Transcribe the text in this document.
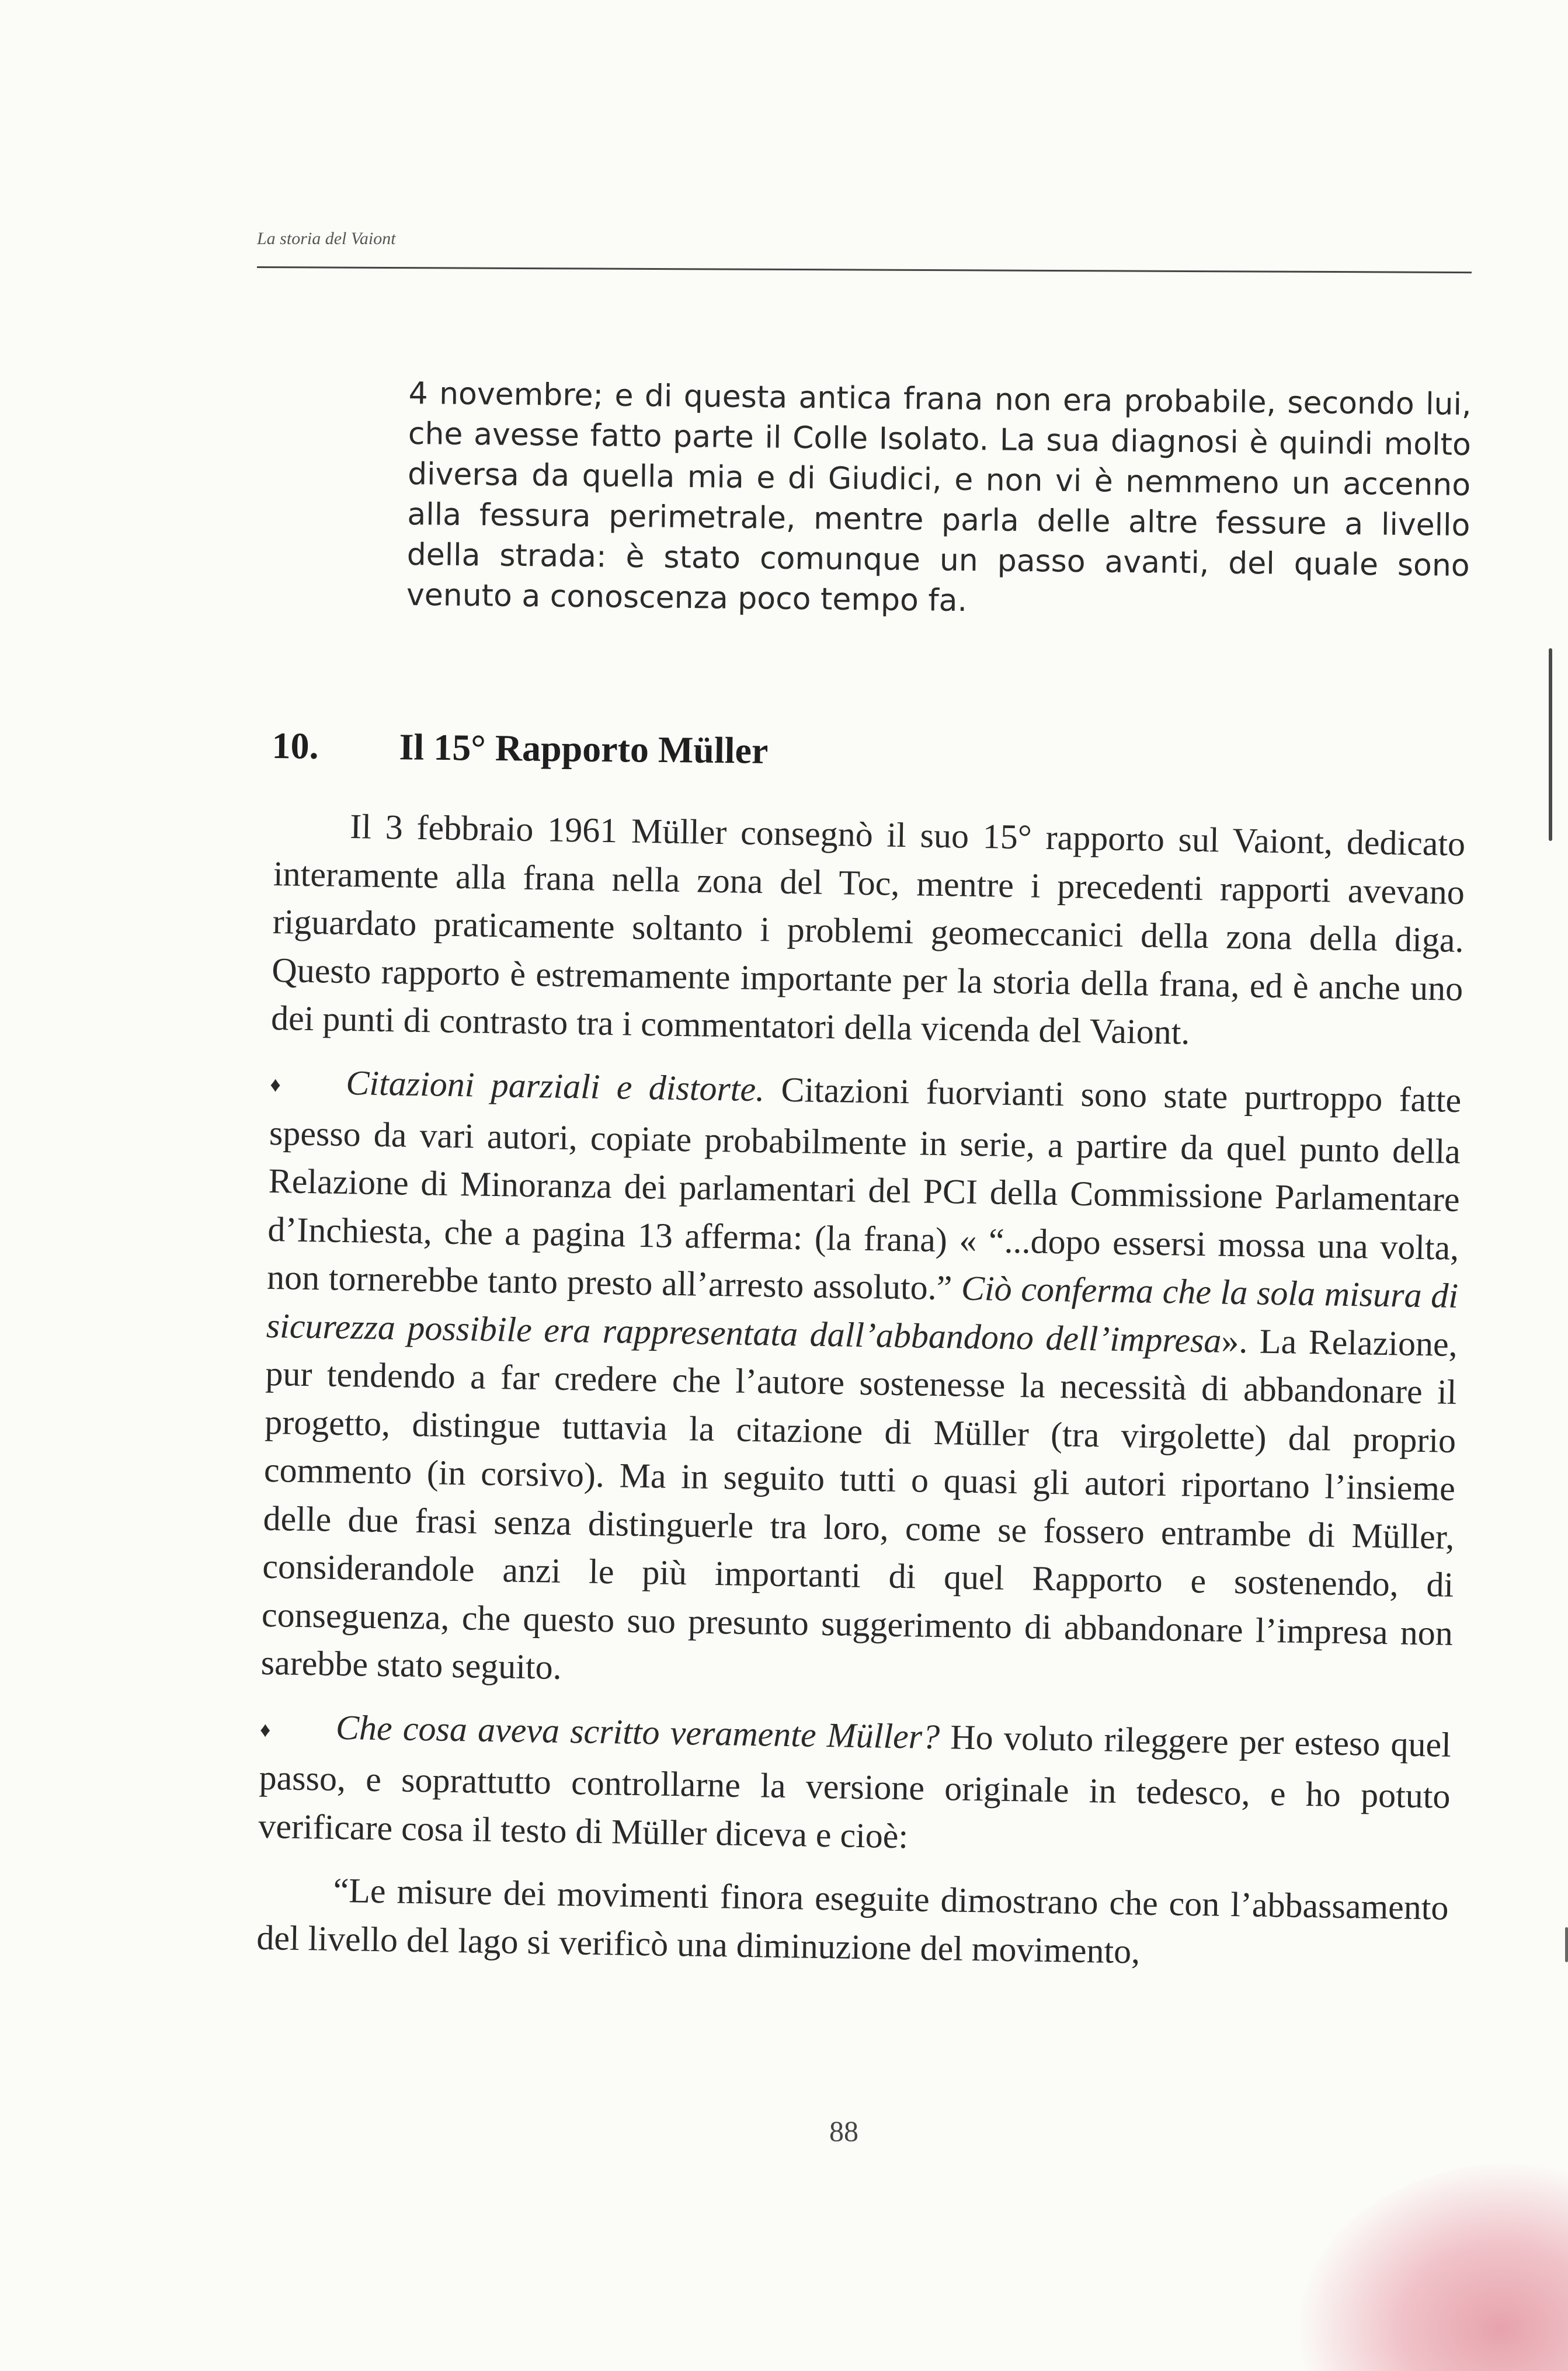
La storia del Vaiont
4 novembre; e di questa antica frana non era probabile, secondo lui, che avesse fatto parte il Colle Isolato. La sua diagnosi è quindi molto diversa da quella mia e di Giudici, e non vi è nemmeno un accenno alla fessura perimetrale, mentre parla delle altre fessure a livello della strada: è stato comunque un passo avanti, del quale sono venuto a conoscenza poco tempo fa.
10. Il 15° Rapporto Müller

Il 3 febbraio 1961 Müller consegnò il suo 15° rapporto sul Vaiont, dedicato interamente alla frana nella zona del Toc, mentre i precedenti rapporti avevano riguardato praticamente soltanto i problemi geomeccanici della zona della diga. Questo rapporto è estremamente importante per la storia della frana, ed è anche uno dei punti di contrasto tra i commentatori della vicenda del Vaiont.

♦ Citazioni parziali e distorte. Citazioni fuorvianti sono state purtroppo fatte spesso da vari autori, copiate probabilmente in serie, a partire da quel punto della Relazione di Minoranza dei parlamentari del PCI della Commissione Parlamentare d’Inchiesta, che a pagina 13 afferma: (la frana) « “...dopo essersi mossa una volta, non tornerebbe tanto presto all’arresto assoluto.” Ciò conferma che la sola misura di sicurezza possibile era rappresentata dall’abbandono dell’impresa». La Relazione, pur tendendo a far credere che l’autore sostenesse la necessità di abbandonare il progetto, distingue tuttavia la citazione di Müller (tra virgolette) dal proprio commento (in corsivo). Ma in seguito tutti o quasi gli autori riportano l’insieme delle due frasi senza distinguerle tra loro, come se fossero entrambe di Müller, considerandole anzi le più importanti di quel Rapporto e sostenendo, di conseguenza, che questo suo presunto suggerimento di abbandonare l’impresa non sarebbe stato seguito.

♦ Che cosa aveva scritto veramente Müller? Ho voluto rileggere per esteso quel passo, e soprattutto controllarne la versione originale in tedesco, e ho potuto verificare cosa il testo di Müller diceva e cioè:

“Le misure dei movimenti finora eseguite dimostrano che con l’abbassamento del livello del lago si verificò una diminuzione del movimento,

88
